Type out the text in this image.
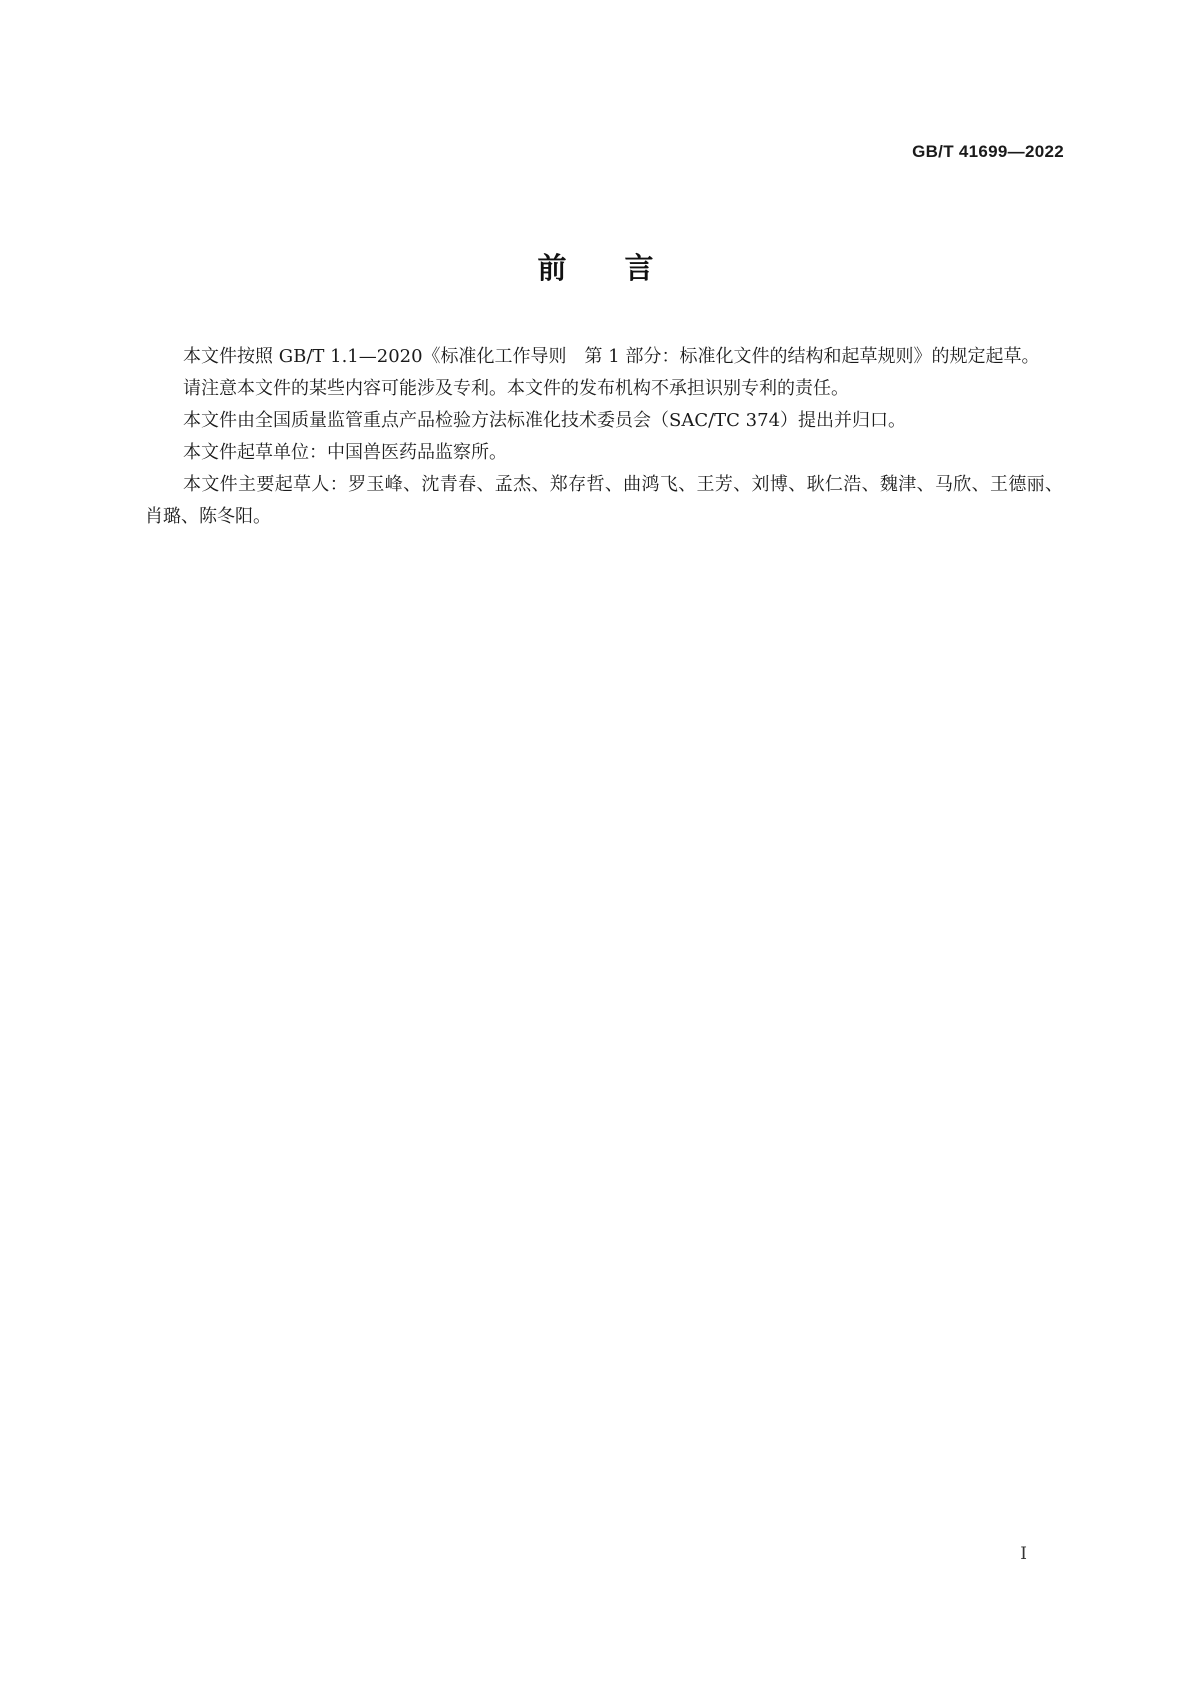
GB/T 41699—2022
前 言

本文件按照 GB/T 1.1—2020《标准化工作导则　第 1 部分：标准化文件的结构和起草规则》的规定起草。

请注意本文件的某些内容可能涉及专利。本文件的发布机构不承担识别专利的责任。

本文件由全国质量监管重点产品检验方法标准化技术委员会（SAC/TC 374）提出并归口。

本文件起草单位：中国兽医药品监察所。

本文件主要起草人：罗玉峰、沈青春、孟杰、郑存哲、曲鸿飞、王芳、刘博、耿仁浩、魏津、马欣、王德丽、肖璐、陈冬阳。

I
